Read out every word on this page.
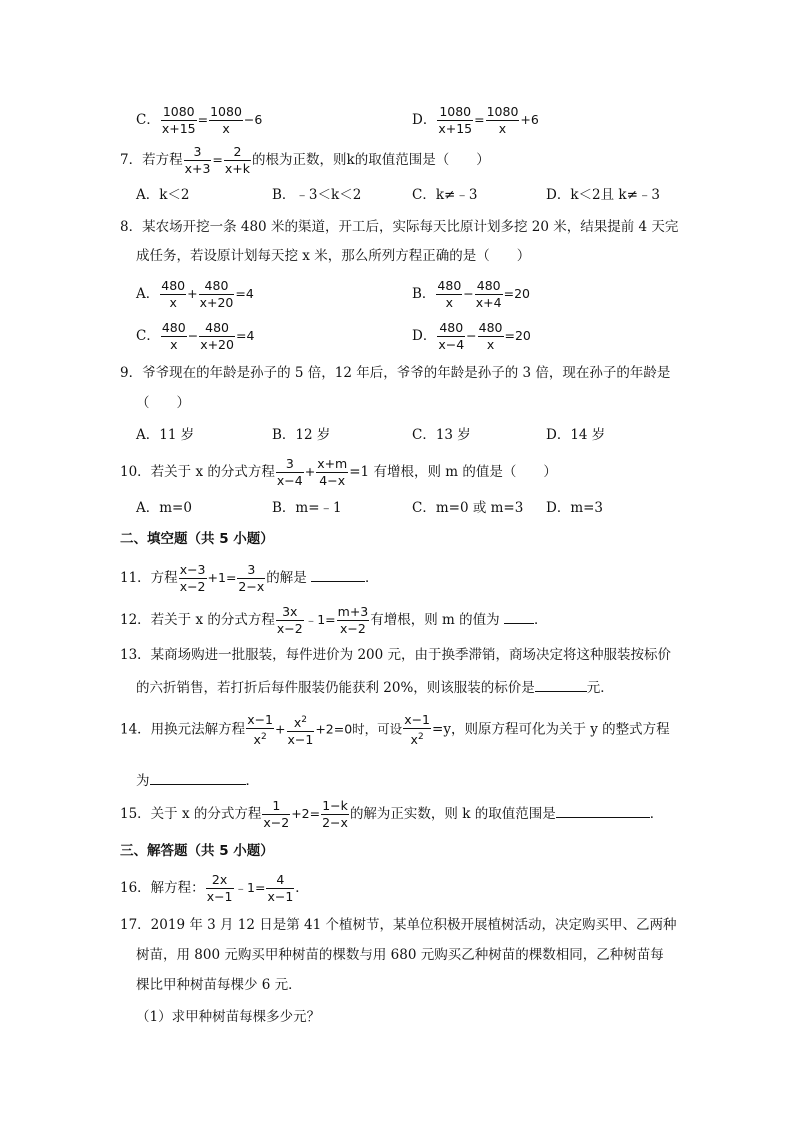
C． $\frac{1080}{x+15} = \frac{1080}{x} -6$	D． $\frac{1080}{x+15} = \frac{1080}{x} +6$
7．若方程 $\frac{3}{x+3} = \frac{2}{x+k}$ 的根为正数，则k的取值范围是（　　）
A．k＜2	B．﹣3＜k＜2	C．k≠﹣3	D．k＜2且 k≠﹣3
8．某农场开挖一条 480 米的渠道，开工后，实际每天比原计划多挖 20 米，结果提前 4 天完
成任务，若设原计划每天挖 x 米，那么所列方程正确的是（　　）
A． $\frac{480}{x} + \frac{480}{x+20} =4$	B． $\frac{480}{x} - \frac{480}{x+4} =20$
C． $\frac{480}{x} - \frac{480}{x+20} =4$	D． $\frac{480}{x-4} - \frac{480}{x} =20$
9．爷爷现在的年龄是孙子的 5 倍，12 年后，爷爷的年龄是孙子的 3 倍，现在孙子的年龄是
（　　）
A．11 岁	B．12 岁	C．13 岁	D．14 岁
10．若关于 x 的分式方程 $\frac{3}{x-4} + \frac{x+m}{4-x} =1$ 有增根，则 m 的值是（　　）
A．m=0	B．m=﹣1	C．m=0 或 m=3 D．m=3
二、填空题（共 5 小题）
11．方程 $\frac{x-3}{x-2} +1= \frac{3}{2-x}$ 的解是	．
12．若关于 x 的分式方程 $\frac{3x}{x-2}$ ﹣1= $\frac{m+3}{x-2}$ 有增根，则 m 的值为	．
13．某商场购进一批服装，每件进价为 200 元，由于换季滞销，商场决定将这种服装按标价
的六折销售，若打折后每件服装仍能获利 20%，则该服装的标价是	元．
14．用换元法解方程 $\frac{x-1}{x^2} + \frac{x^2}{x-1} +2=0$时，可设 $\frac{x-1}{x^2} =y$，则原方程可化为关于 y 的整式方程
为	．
15．关于 x 的分式方程 $\frac{1}{x-2} +2= \frac{1-k}{2-x}$ 的解为正实数，则 k 的取值范围是	．
三、解答题（共 5 小题）
16．解方程： $\frac{2x}{x-1}$ ﹣1= $\frac{4}{x-1}$ ．
17．2019 年 3 月 12 日是第 41 个植树节，某单位积极开展植树活动，决定购买甲、乙两种
树苗，用 800 元购买甲种树苗的棵数与用 680 元购买乙种树苗的棵数相同，乙种树苗每
棵比甲种树苗每棵少 6 元．
（1）求甲种树苗每棵多少元？
